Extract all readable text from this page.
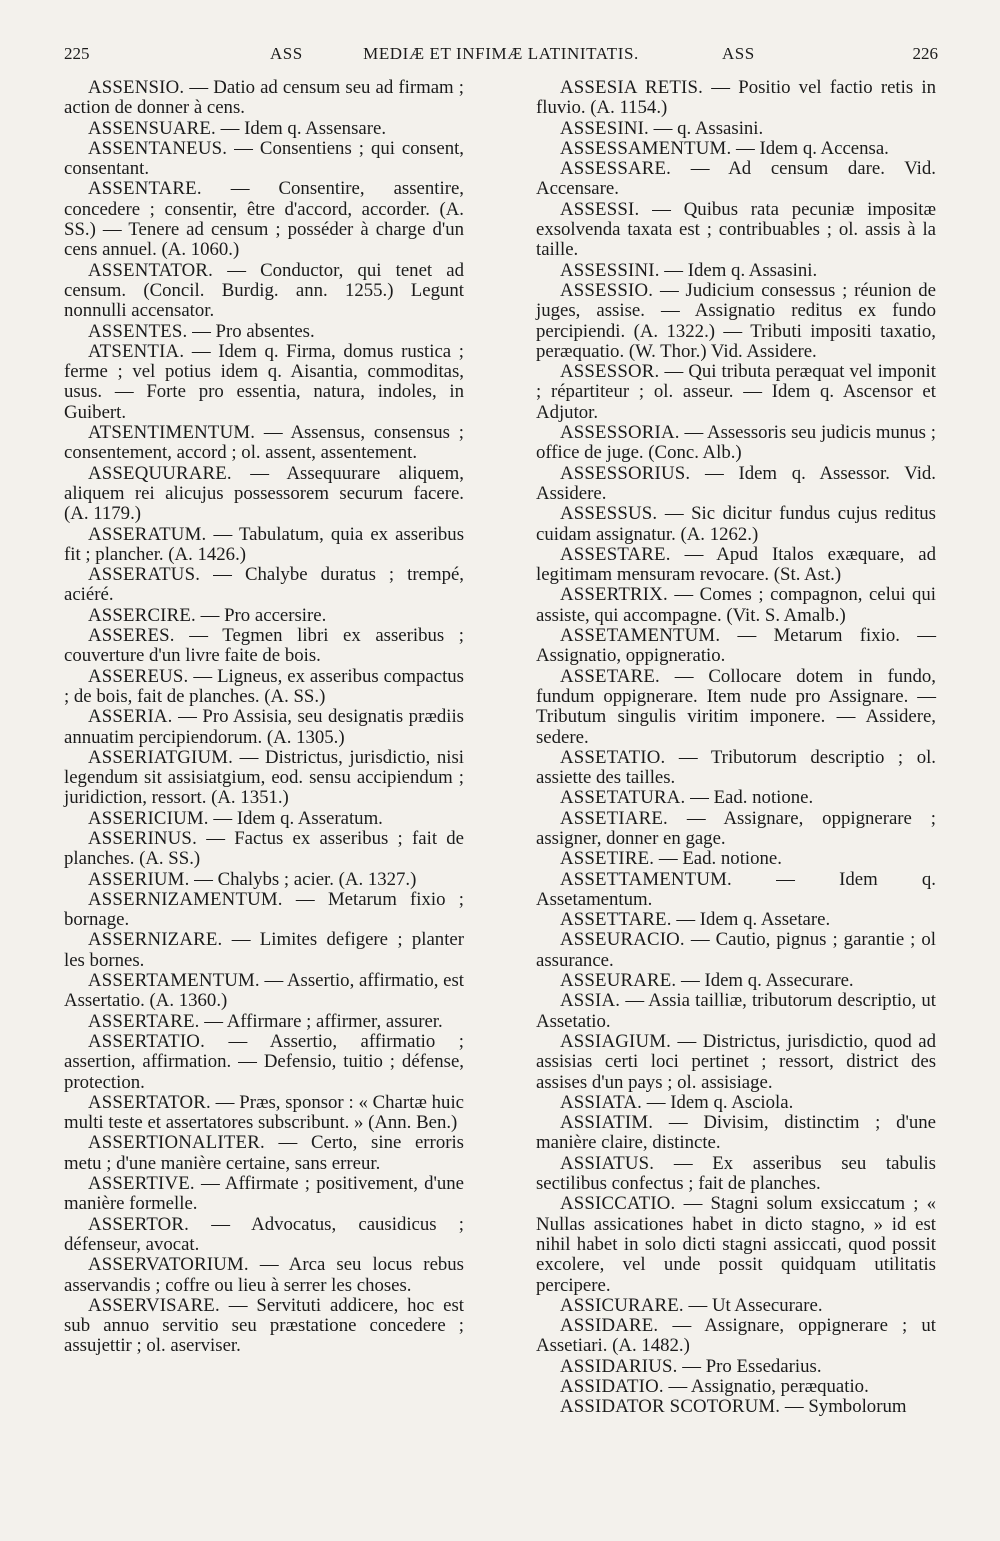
225	ASS	MEDIÆ ET INFIMÆ LATINITATIS.	ASS	226

ASSENSIO. — Datio ad censum seu ad firmam ; action de donner à cens.

ASSENSUARE. — Idem q. Assensare.

ASSENTANEUS. — Consentiens ; qui consent, consentant.

ASSENTARE. — Consentire, assentire, concedere ; consentir, être d'accord, accorder. (A. SS.) — Tenere ad censum ; posséder à charge d'un cens annuel. (A. 1060.)

ASSENTATOR. — Conductor, qui tenet ad censum. (Concil. Burdig. ann. 1255.) Legunt nonnulli accensator.

ASSENTES. — Pro absentes.

ATSENTIA. — Idem q. Firma, domus rustica ; ferme ; vel potius idem q. Aisantia, commoditas, usus. — Forte pro essentia, natura, indoles, in Guibert.

ATSENTIMENTUM. — Assensus, consensus ; consentement, accord ; ol. assent, assentement.

ASSEQUURARE. — Assequurare aliquem, aliquem rei alicujus possessorem securum facere. (A. 1179.)

ASSERATUM. — Tabulatum, quia ex asseribus fit ; plancher. (A. 1426.)

ASSERATUS. — Chalybe duratus ; trempé, aciéré.

ASSERCIRE. — Pro accersire.

ASSERES. — Tegmen libri ex asseribus ; couverture d'un livre faite de bois.

ASSEREUS. — Ligneus, ex asseribus compactus ; de bois, fait de planches. (A. SS.)

ASSERIA. — Pro Assisia, seu designatis prædiis annuatim percipiendorum. (A. 1305.)

ASSERIATGIUM. — Districtus, jurisdictio, nisi legendum sit assisiatgium, eod. sensu accipiendum ; juridiction, ressort. (A. 1351.)

ASSERICIUM. — Idem q. Asseratum.

ASSERINUS. — Factus ex asseribus ; fait de planches. (A. SS.)

ASSERIUM. — Chalybs ; acier. (A. 1327.)

ASSERNIZAMENTUM. — Metarum fixio ; bornage.

ASSERNIZARE. — Limites defigere ; planter les bornes.

ASSERTAMENTUM. — Assertio, affirmatio, est Assertatio. (A. 1360.)

ASSERTARE. — Affirmare ; affirmer, assurer.

ASSERTATIO. — Assertio, affirmatio ; assertion, affirmation. — Defensio, tuitio ; défense, protection.

ASSERTATOR. — Præs, sponsor : « Chartæ huic multi teste et assertatores subscribunt. » (Ann. Ben.)

ASSERTIONALITER. — Certo, sine erroris metu ; d'une manière certaine, sans erreur.

ASSERTIVE. — Affirmate ; positivement, d'une manière formelle.

ASSERTOR. — Advocatus, causidicus ; défenseur, avocat.

ASSERVATORIUM. — Arca seu locus rebus asservandis ; coffre ou lieu à serrer les choses.

ASSERVISARE. — Servituti addicere, hoc est sub annuo servitio seu præstatione concedere ; assujettir ; ol. aserviser.

ASSESIA RETIS. — Positio vel factio retis in fluvio. (A. 1154.)

ASSESINI. — q. Assasini.

ASSESSAMENTUM. — Idem q. Accensa.

ASSESSARE. — Ad censum dare. Vid. Accensare.

ASSESSI. — Quibus rata pecuniæ impositæ exsolvenda taxata est ; contribuables ; ol. assis à la taille.

ASSESSINI. — Idem q. Assasini.

ASSESSIO. — Judicium consessus ; réunion de juges, assise. — Assignatio reditus ex fundo percipiendi. (A. 1322.) — Tributi impositi taxatio, peræquatio. (W. Thor.) Vid. Assidere.

ASSESSOR. — Qui tributa peræquat vel imponit ; répartiteur ; ol. asseur. — Idem q. Ascensor et Adjutor.

ASSESSORIA. — Assessoris seu judicis munus ; office de juge. (Conc. Alb.)

ASSESSORIUS. — Idem q. Assessor. Vid. Assidere.

ASSESSUS. — Sic dicitur fundus cujus reditus cuidam assignatur. (A. 1262.)

ASSESTARE. — Apud Italos exæquare, ad legitimam mensuram revocare. (St. Ast.)

ASSERTRIX. — Comes ; compagnon, celui qui assiste, qui accompagne. (Vit. S. Amalb.)

ASSETAMENTUM. — Metarum fixio. — Assignatio, oppigneratio.

ASSETARE. — Collocare dotem in fundo, fundum oppignerare. Item nude pro Assignare. — Tributum singulis viritim imponere. — Assidere, sedere.

ASSETATIO. — Tributorum descriptio ; ol. assiette des tailles.

ASSETATURA. — Ead. notione.

ASSETIARE. — Assignare, oppignerare ; assigner, donner en gage.

ASSETIRE. — Ead. notione.

ASSETTAMENTUM. — Idem q. Assetamentum.

ASSETTARE. — Idem q. Assetare.

ASSEURACIO. — Cautio, pignus ; garantie ; ol assurance.

ASSEURARE. — Idem q. Assecurare.

ASSIA. — Assia tailliæ, tributorum descriptio, ut Assetatio.

ASSIAGIUM. — Districtus, jurisdictio, quod ad assisias certi loci pertinet ; ressort, district des assises d'un pays ; ol. assisiage.

ASSIATA. — Idem q. Asciola.

ASSIATIM. — Divisim, distinctim ; d'une manière claire, distincte.

ASSIATUS. — Ex asseribus seu tabulis sectilibus confectus ; fait de planches.

ASSICCATIO. — Stagni solum exsiccatum ; « Nullas assicationes habet in dicto stagno, » id est nihil habet in solo dicti stagni assiccati, quod possit excolere, vel unde possit quidquam utilitatis percipere.

ASSICURARE. — Ut Assecurare.

ASSIDARE. — Assignare, oppignerare ; ut Assetiari. (A. 1482.)

ASSIDARIUS. — Pro Essedarius.

ASSIDATIO. — Assignatio, peræquatio.

ASSIDATOR SCOTORUM. — Symbolorum
